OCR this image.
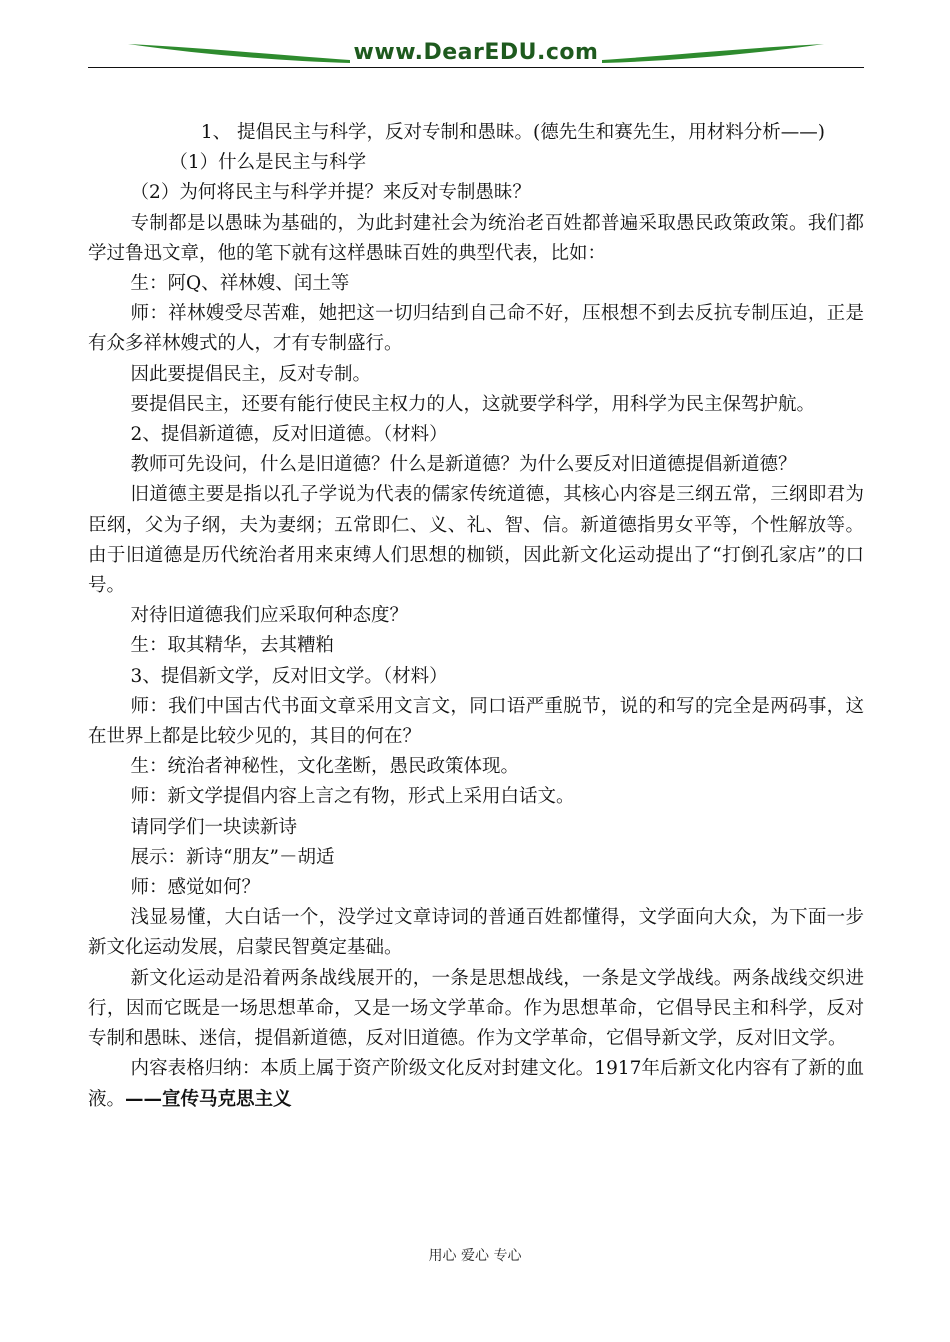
www.DearEDU.com

1、 提倡民主与科学，反对专制和愚昧。(德先生和赛先生，用材料分析——)

（1）什么是民主与科学

（2）为何将民主与科学并提？来反对专制愚昧？

专制都是以愚昧为基础的，为此封建社会为统治老百姓都普遍采取愚民政策政策。我们都学过鲁迅文章，他的笔下就有这样愚昧百姓的典型代表，比如：

生：阿Q、祥林嫂、闰土等

师：祥林嫂受尽苦难，她把这一切归结到自己命不好，压根想不到去反抗专制压迫，正是有众多祥林嫂式的人，才有专制盛行。

因此要提倡民主，反对专制。

要提倡民主，还要有能行使民主权力的人，这就要学科学，用科学为民主保驾护航。

2、提倡新道德，反对旧道德。（材料）

教师可先设问，什么是旧道德？什么是新道德？为什么要反对旧道德提倡新道德？

旧道德主要是指以孔子学说为代表的儒家传统道德，其核心内容是三纲五常，三纲即君为臣纲，父为子纲，夫为妻纲；五常即仁、义、礼、智、信。新道德指男女平等，个性解放等。由于旧道德是历代统治者用来束缚人们思想的枷锁，因此新文化运动提出了“打倒孔家店”的口号。

对待旧道德我们应采取何种态度？

生：取其精华，去其糟粕

3、提倡新文学，反对旧文学。（材料）

师：我们中国古代书面文章采用文言文，同口语严重脱节，说的和写的完全是两码事，这在世界上都是比较少见的，其目的何在？

生：统治者神秘性，文化垄断，愚民政策体现。

师：新文学提倡内容上言之有物，形式上采用白话文。

请同学们一块读新诗

展示：新诗“朋友”－胡适

师：感觉如何？

浅显易懂，大白话一个，没学过文章诗词的普通百姓都懂得，文学面向大众，为下面一步新文化运动发展，启蒙民智奠定基础。

新文化运动是沿着两条战线展开的，一条是思想战线，一条是文学战线。两条战线交织进行，因而它既是一场思想革命，又是一场文学革命。作为思想革命，它倡导民主和科学，反对专制和愚昧、迷信，提倡新道德，反对旧道德。作为文学革命，它倡导新文学，反对旧文学。

内容表格归纳：本质上属于资产阶级文化反对封建文化。1917年后新文化内容有了新的血液。——宣传马克思主义

用心 爱心 专心
